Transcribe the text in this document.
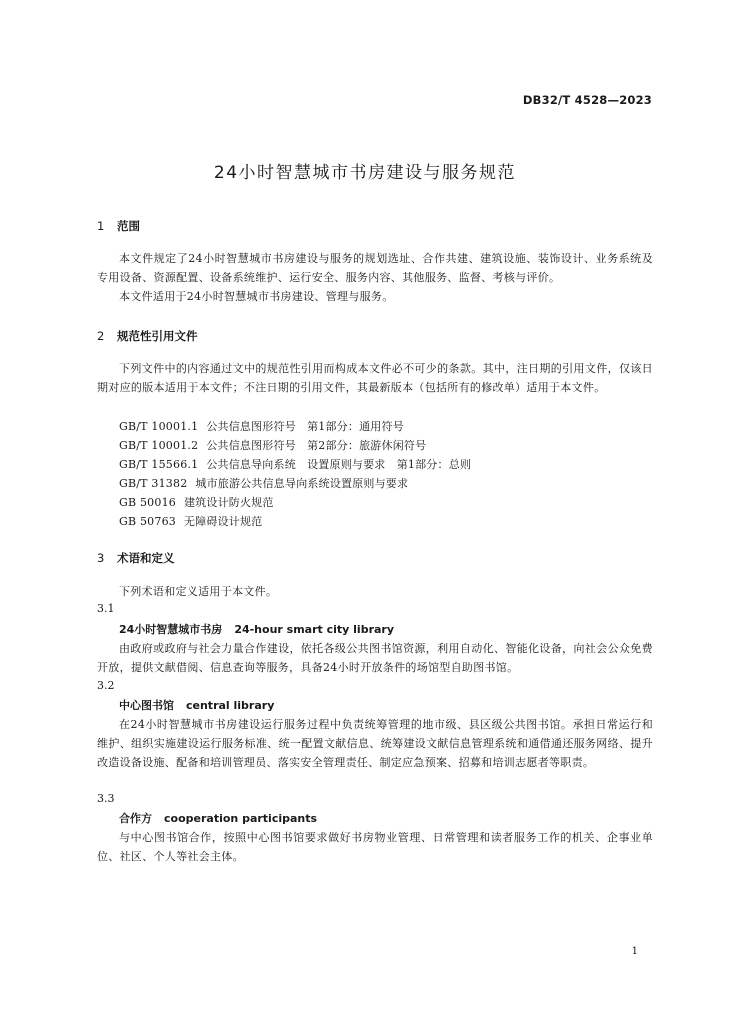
DB32/T 4528—2023
24小时智慧城市书房建设与服务规范
1 范围
本文件规定了24小时智慧城市书房建设与服务的规划选址、合作共建、建筑设施、装饰设计、业务系统及专用设备、资源配置、设备系统维护、运行安全、服务内容、其他服务、监督、考核与评价。
本文件适用于24小时智慧城市书房建设、管理与服务。
2 规范性引用文件
下列文件中的内容通过文中的规范性引用而构成本文件必不可少的条款。其中，注日期的引用文件，仅该日期对应的版本适用于本文件；不注日期的引用文件，其最新版本（包括所有的修改单）适用于本文件。
GB/T 10001.1 公共信息图形符号　第1部分：通用符号
GB/T 10001.2 公共信息图形符号　第2部分：旅游休闲符号
GB/T 15566.1 公共信息导向系统　设置原则与要求　第1部分：总则
GB/T 31382 城市旅游公共信息导向系统设置原则与要求
GB 50016 建筑设计防火规范
GB 50763 无障碍设计规范
3 术语和定义
下列术语和定义适用于本文件。
3.1
24小时智慧城市书房 24-hour smart city library
由政府或政府与社会力量合作建设，依托各级公共图书馆资源，利用自动化、智能化设备，向社会公众免费开放，提供文献借阅、信息查询等服务，具备24小时开放条件的场馆型自助图书馆。
3.2
中心图书馆 central library
在24小时智慧城市书房建设运行服务过程中负责统筹管理的地市级、县区级公共图书馆。承担日常运行和维护、组织实施建设运行服务标准、统一配置文献信息、统筹建设文献信息管理系统和通借通还服务网络、提升改造设备设施、配备和培训管理员、落实安全管理责任、制定应急预案、招募和培训志愿者等职责。
3.3
合作方 cooperation participants
与中心图书馆合作，按照中心图书馆要求做好书房物业管理、日常管理和读者服务工作的机关、企事业单位、社区、个人等社会主体。
1
